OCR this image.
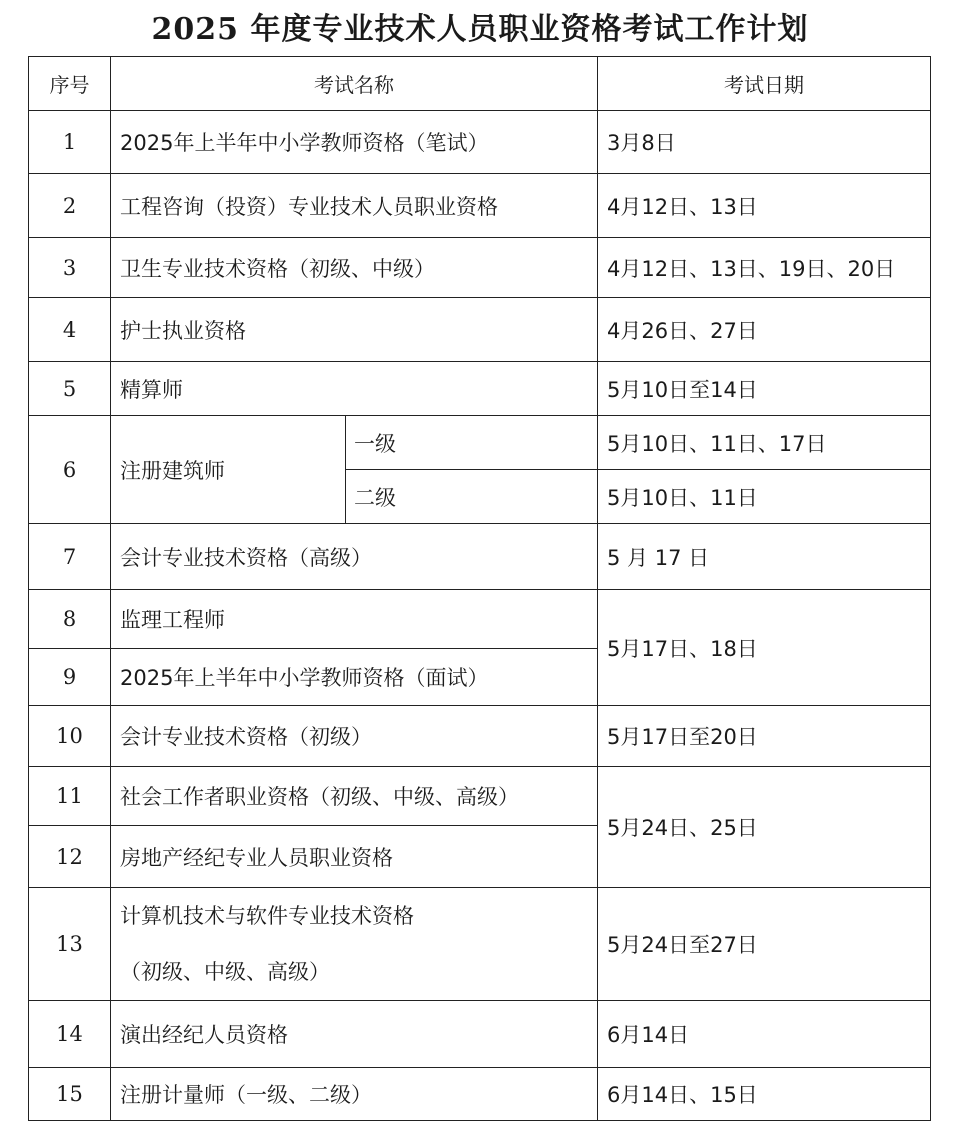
2025 年度专业技术人员职业资格考试工作计划
序号	考试名称		考试日期
1	2025年上半年中小学教师资格（笔试）		3月8日
2	工程咨询（投资）专业技术人员职业资格		4月12日、13日
3	卫生专业技术资格（初级、中级）		4月12日、13日、19日、20日
4	护士执业资格		4月26日、27日
5	精算师		5月10日至14日
6	注册建筑师	一级	5月10日、11日、17日
		二级	5月10日、11日
7	会计专业技术资格（高级）		5 月 17 日
8	监理工程师		5月17日、18日
9	2025年上半年中小学教师资格（面试）		
10	会计专业技术资格（初级）		5月17日至20日
11	社会工作者职业资格（初级、中级、高级）		5月24日、25日
12	房地产经纪专业人员职业资格		
13	计算机技术与软件专业技术资格
（初级、中级、高级）		5月24日至27日
14	演出经纪人员资格		6月14日
15	注册计量师（一级、二级）		6月14日、15日
